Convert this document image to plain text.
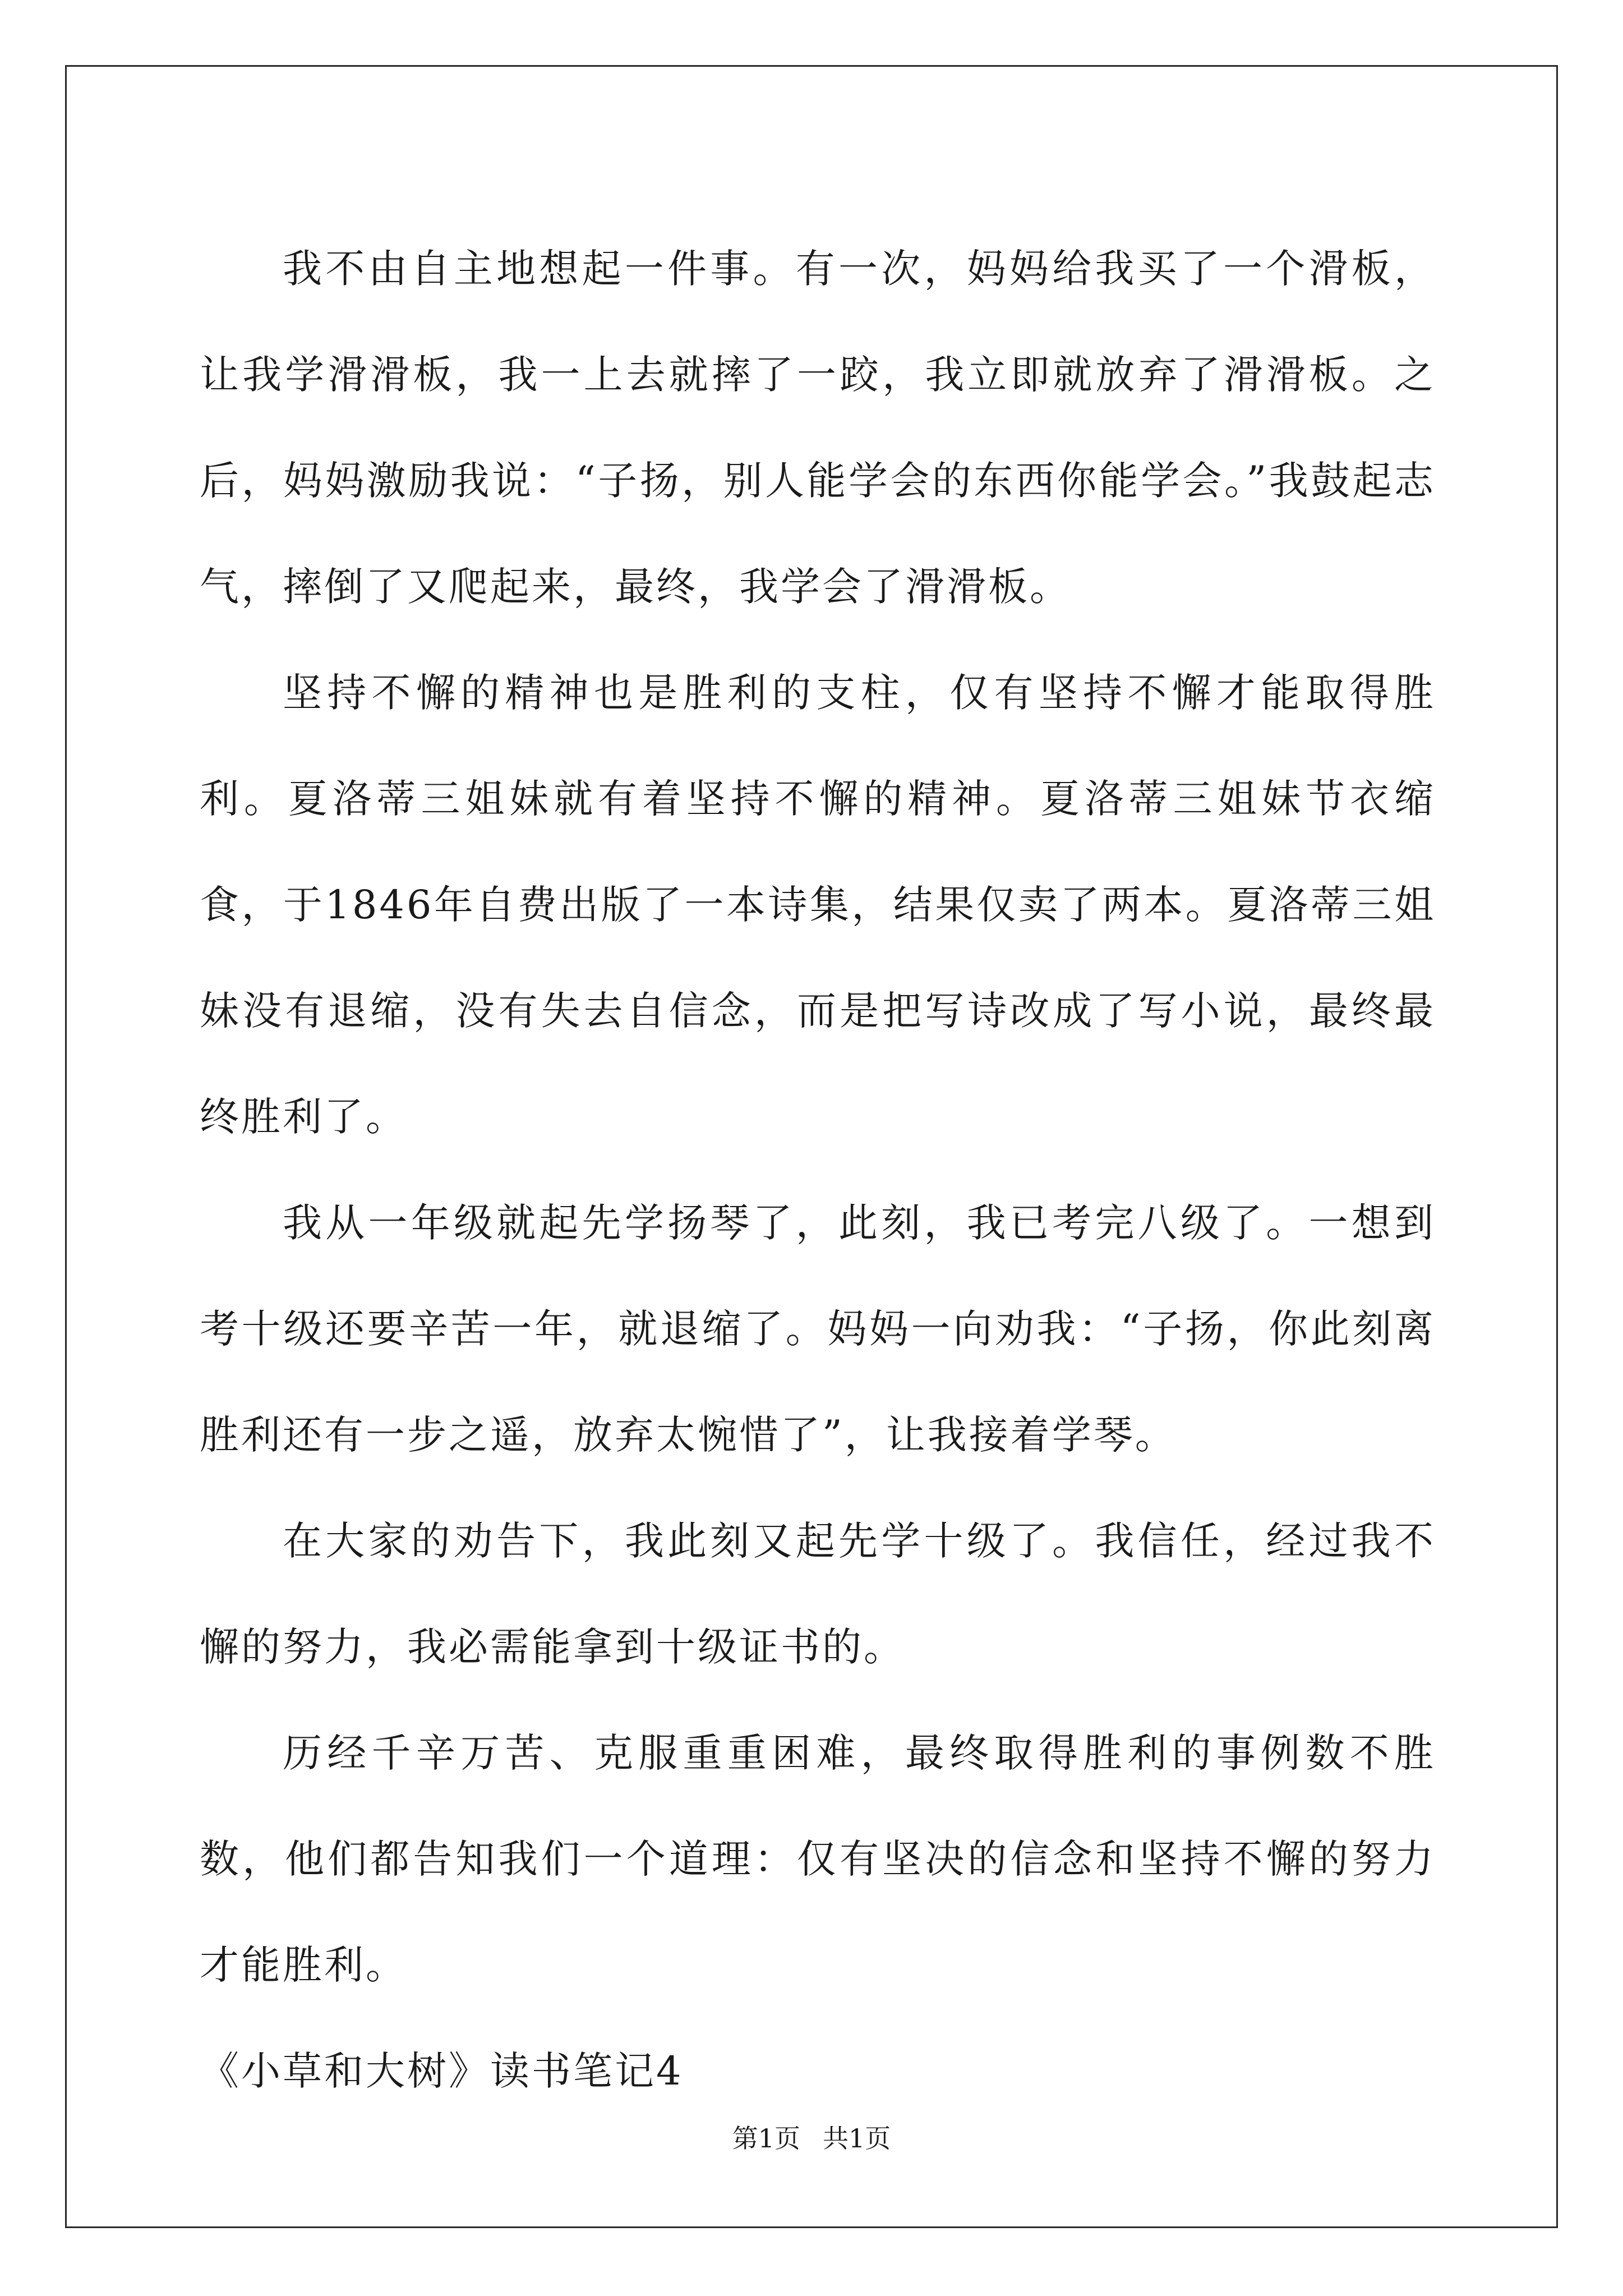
我不由自主地想起一件事。有一次，妈妈给我买了一个滑板，让我学滑滑板，我一上去就摔了一跤，我立即就放弃了滑滑板。之后，妈妈激励我说：“子扬，别人能学会的东西你能学会。”我鼓起志气，摔倒了又爬起来，最终，我学会了滑滑板。

坚持不懈的精神也是胜利的支柱，仅有坚持不懈才能取得胜利。夏洛蒂三姐妹就有着坚持不懈的精神。夏洛蒂三姐妹节衣缩食，于1846年自费出版了一本诗集，结果仅卖了两本。夏洛蒂三姐妹没有退缩，没有失去自信念，而是把写诗改成了写小说，最终最终胜利了。

我从一年级就起先学扬琴了，此刻，我已考完八级了。一想到考十级还要辛苦一年，就退缩了。妈妈一向劝我：“子扬，你此刻离胜利还有一步之遥，放弃太惋惜了”，让我接着学琴。

在大家的劝告下，我此刻又起先学十级了。我信任，经过我不懈的努力，我必需能拿到十级证书的。

历经千辛万苦、克服重重困难，最终取得胜利的事例数不胜数，他们都告知我们一个道理：仅有坚决的信念和坚持不懈的努力才能胜利。

《小草和大树》读书笔记4

第1页 共1页
